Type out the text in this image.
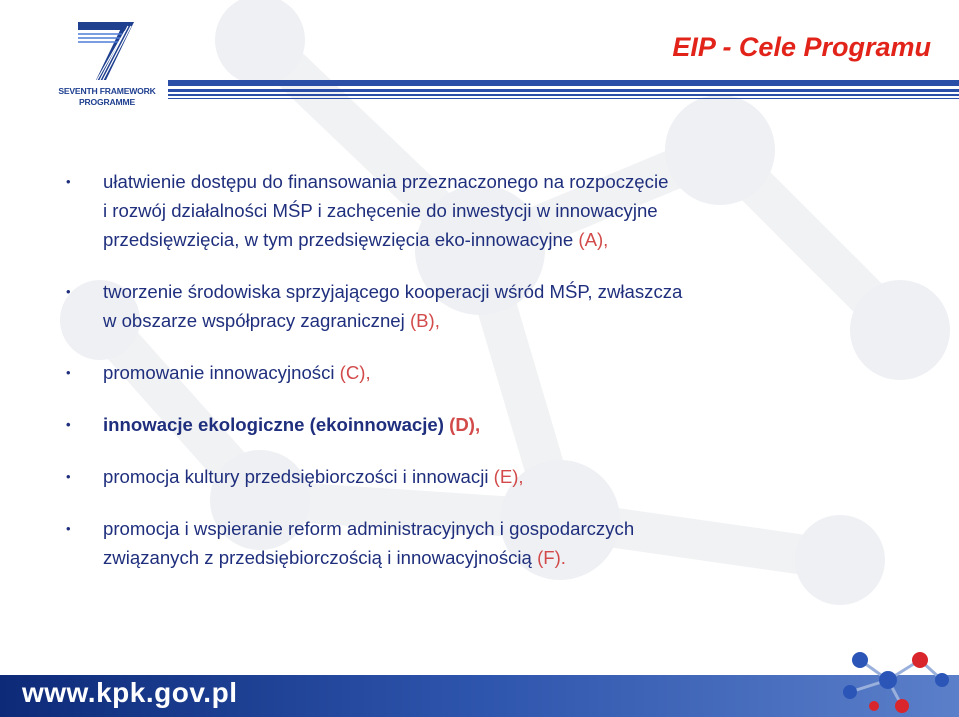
SEVENTH FRAMEWORK
PROGRAMME
EIP - Cele Programu
• ułatwienie dostępu do finansowania przeznaczonego na rozpoczęcie
i rozwój działalności MŚP i zachęcenie do inwestycji w innowacyjne
przedsięwzięcia, w tym przedsięwzięcia eko-innowacyjne (A),
• tworzenie środowiska sprzyjającego kooperacji wśród MŚP, zwłaszcza
w obszarze współpracy zagranicznej (B),
• promowanie innowacyjności (C),
• innowacje ekologiczne (ekoinnowacje) (D),
• promocja kultury przedsiębiorczości i innowacji (E),
• promocja i wspieranie reform administracyjnych i gospodarczych
związanych z przedsiębiorczością i innowacyjnością (F).
www.kpk.gov.pl
